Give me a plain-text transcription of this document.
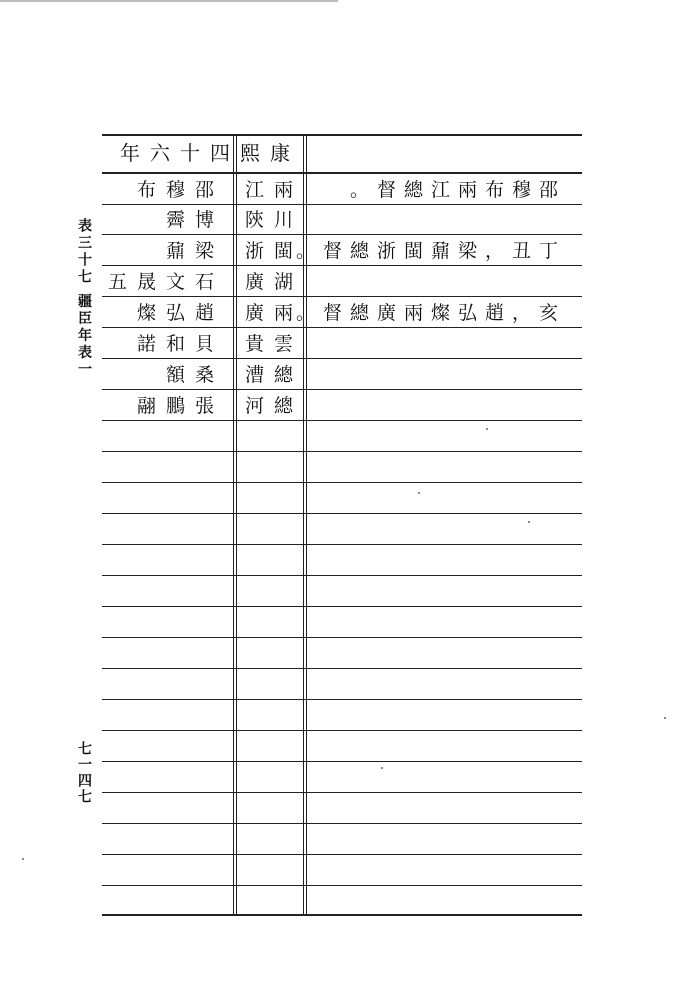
康熙四十六年
表三十七 疆臣年表一
七一四七
邵穆布 兩江 邵穆布兩江總督。
博霽 川陝
梁鼐 閩浙
丁丑，梁鼐閩浙總督。
石文晟五 湖廣
趙弘燦 兩廣
亥，趙弘燦兩廣總督。
貝和諾 雲貴
桑額 總漕
張鵬翮 總河
